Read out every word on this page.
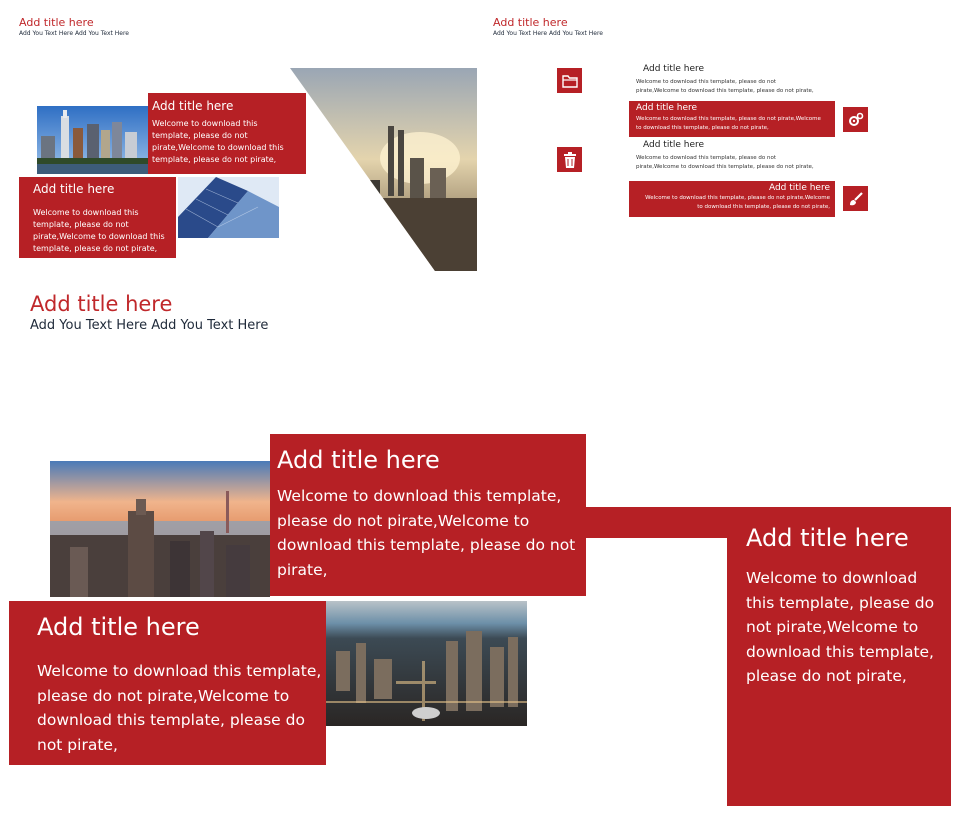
Add title here
Add You Text Here Add You Text Here
Add title here
Welcome to download this template, please do not pirate,Welcome to download this template, please do not pirate,
Add title here
Welcome to download this template, please do not pirate,Welcome to download this template, please do not pirate,
Add title here
Add You Text Here Add You Text Here
Add title here
Welcome to download this template, please do not pirate,Welcome to download this template, please do not pirate,
Add title here
Welcome to download this template, please do not pirate,Welcome to download this template, please do not pirate,
Add title here
Welcome to download this template, please do not pirate,Welcome to download this template, please do not pirate,
Add title here
Welcome to download this template, please do not pirate,Welcome to download this template, please do not pirate,
Add title here
Add You Text Here Add You Text Here
Add title here
Welcome to download this template, please do not pirate,Welcome to download this template, please do not pirate,
Add title here
Welcome to download this template, please do not pirate,Welcome to download this template, please do not pirate,
Add title here
Welcome to download this template, please do not pirate,Welcome to download this template, please do not pirate,
